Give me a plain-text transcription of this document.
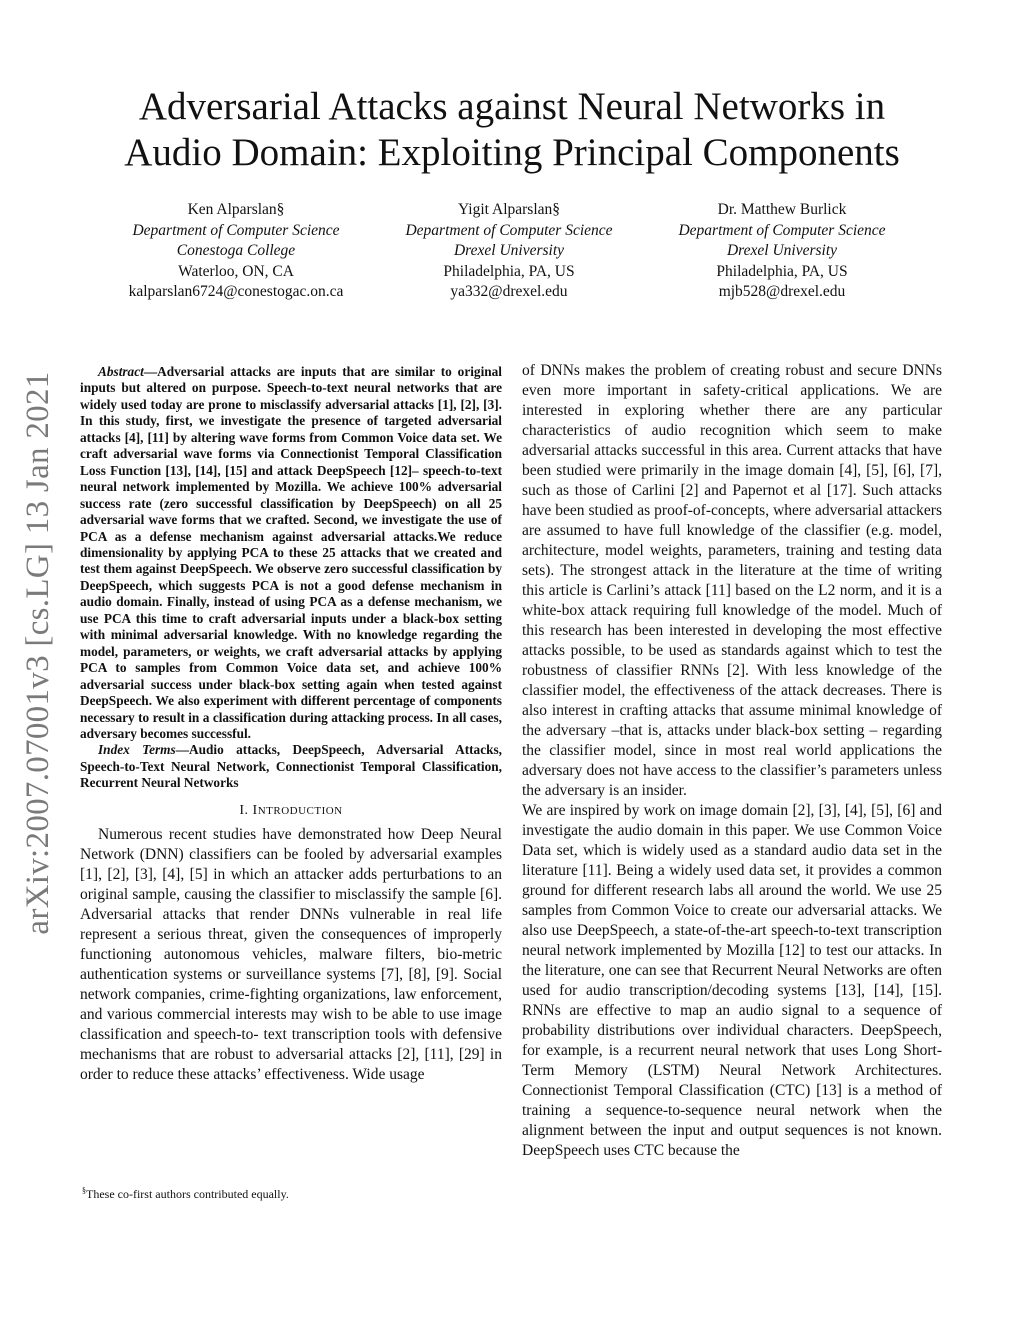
Adversarial Attacks against Neural Networks in
Audio Domain: Exploiting Principal Components
Ken Alparslan§
Department of Computer Science
Conestoga College
Waterloo, ON, CA
kalparslan6724@conestogac.on.ca
Yigit Alparslan§
Department of Computer Science
Drexel University
Philadelphia, PA, US
ya332@drexel.edu
Dr. Matthew Burlick
Department of Computer Science
Drexel University
Philadelphia, PA, US
mjb528@drexel.edu
arXiv:2007.07001v3 [cs.LG] 13 Jan 2021	Abstract—Adversarial attacks are inputs that are similar to original inputs but altered on purpose. Speech-to-text neural networks that are widely used today are prone to misclassify adversarial attacks [1], [2], [3]. In this study, first, we investigate the presence of targeted adversarial attacks [4], [11] by altering wave forms from Common Voice data set. We craft adversarial wave forms via Connectionist Temporal Classification Loss Function [13], [14], [15] and attack DeepSpeech [12]– speech-to-text neural network implemented by Mozilla. We achieve 100% adversarial success rate (zero successful classification by DeepSpeech) on all 25 adversarial wave forms that we crafted. Second, we investigate the use of PCA as a defense mechanism against adversarial attacks.We reduce dimensionality by applying PCA to these 25 attacks that we created and test them against DeepSpeech. We observe zero successful classification by DeepSpeech, which suggests PCA is not a good defense mechanism in audio domain. Finally, instead of using PCA as a defense mechanism, we use PCA this time to craft adversarial inputs under a black-box setting with minimal adversarial knowledge. With no knowledge regarding the model, parameters, or weights, we craft adversarial attacks by applying PCA to samples from Common Voice data set, and achieve 100% adversarial success under black-box setting again when tested against DeepSpeech. We also experiment with different percentage of components necessary to result in a classification during attacking process. In all cases, adversary becomes successful.

Index Terms—Audio attacks, DeepSpeech, Adversarial Attacks, Speech-to-Text Neural Network, Connectionist Temporal Classification, Recurrent Neural Networks

I. INTRODUCTION

Numerous recent studies have demonstrated how Deep Neural Network (DNN) classifiers can be fooled by adversarial examples [1], [2], [3], [4], [5] in which an attacker adds perturbations to an original sample, causing the classifier to misclassify the sample [6]. Adversarial attacks that render DNNs vulnerable in real life represent a serious threat, given the consequences of improperly functioning autonomous vehicles, malware filters, bio-metric authentication systems or surveillance systems [7], [8], [9]. Social network companies, crime-fighting organizations, law enforcement, and various commercial interests may wish to be able to use image classification and speech-to- text transcription tools with defensive mechanisms that are robust to adversarial attacks [2], [11], [29] in order to reduce these attacks’ effectiveness. Wide usage

§These co-first authors contributed equally.

of DNNs makes the problem of creating robust and secure DNNs even more important in safety-critical applications. We are interested in exploring whether there are any particular characteristics of audio recognition which seem to make adversarial attacks successful in this area. Current attacks that have been studied were primarily in the image domain [4], [5], [6], [7], such as those of Carlini [2] and Papernot et al [17]. Such attacks have been studied as proof-of-concepts, where adversarial attackers are assumed to have full knowledge of the classifier (e.g. model, architecture, model weights, parameters, training and testing data sets). The strongest attack in the literature at the time of writing this article is Carlini’s attack [11] based on the L2 norm, and it is a white-box attack requiring full knowledge of the model. Much of this research has been interested in developing the most effective attacks possible, to be used as standards against which to test the robustness of classifier RNNs [2]. With less knowledge of the classifier model, the effectiveness of the attack decreases. There is also interest in crafting attacks that assume minimal knowledge of the adversary –that is, attacks under black-box setting – regarding the classifier model, since in most real world applications the adversary does not have access to the classifier’s parameters unless the adversary is an insider.

We are inspired by work on image domain [2], [3], [4], [5], [6] and investigate the audio domain in this paper. We use Common Voice Data set, which is widely used as a standard audio data set in the literature [11]. Being a widely used data set, it provides a common ground for different research labs all around the world. We use 25 samples from Common Voice to create our adversarial attacks. We also use DeepSpeech, a state-of-the-art speech-to-text transcription neural network implemented by Mozilla [12] to test our attacks. In the literature, one can see that Recurrent Neural Networks are often used for audio transcription/decoding systems [13], [14], [15]. RNNs are effective to map an audio signal to a sequence of probability distributions over individual characters. DeepSpeech, for example, is a recurrent neural network that uses Long Short-Term Memory (LSTM) Neural Network Architectures. Connectionist Temporal Classification (CTC) [13] is a method of training a sequence-to-sequence neural network when the alignment between the input and output sequences is not known. DeepSpeech uses CTC because the
